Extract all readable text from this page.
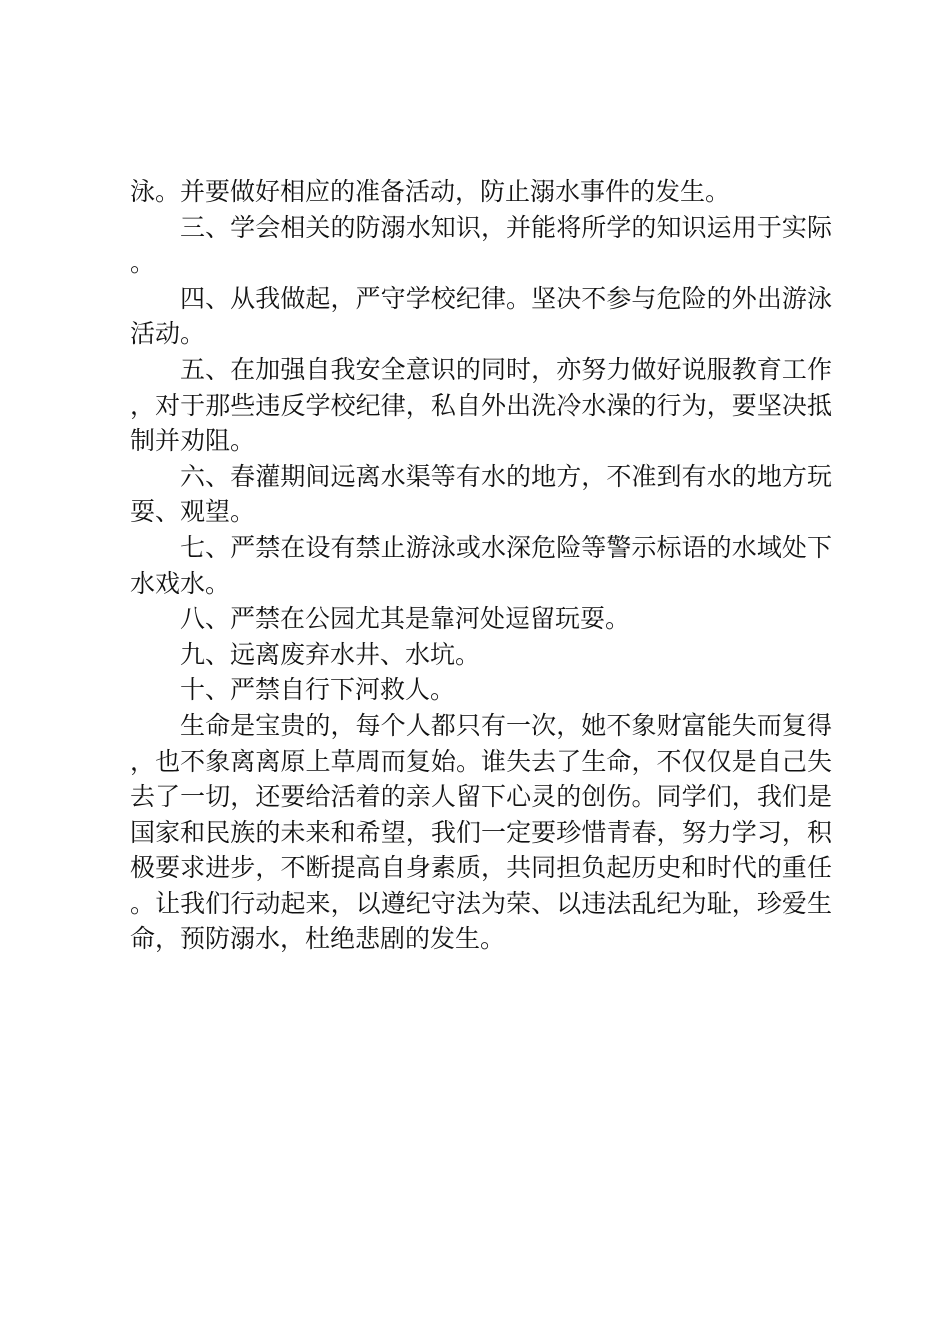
泳。并要做好相应的准备活动，防止溺水事件的发生。

三、学会相关的防溺水知识，并能将所学的知识运用于实际。

四、从我做起，严守学校纪律。坚决不参与危险的外出游泳活动。

五、在加强自我安全意识的同时，亦努力做好说服教育工作，对于那些违反学校纪律，私自外出洗冷水澡的行为，要坚决抵制并劝阻。

六、春灌期间远离水渠等有水的地方，不准到有水的地方玩耍、观望。

七、严禁在设有禁止游泳或水深危险等警示标语的水域处下水戏水。

八、严禁在公园尤其是靠河处逗留玩耍。

九、远离废弃水井、水坑。

十、严禁自行下河救人。

生命是宝贵的，每个人都只有一次，她不象财富能失而复得，也不象离离原上草周而复始。谁失去了生命，不仅仅是自己失去了一切，还要给活着的亲人留下心灵的创伤。同学们，我们是国家和民族的未来和希望，我们一定要珍惜青春，努力学习，积极要求进步，不断提高自身素质，共同担负起历史和时代的重任。让我们行动起来，以遵纪守法为荣、以违法乱纪为耻，珍爱生命，预防溺水，杜绝悲剧的发生。
